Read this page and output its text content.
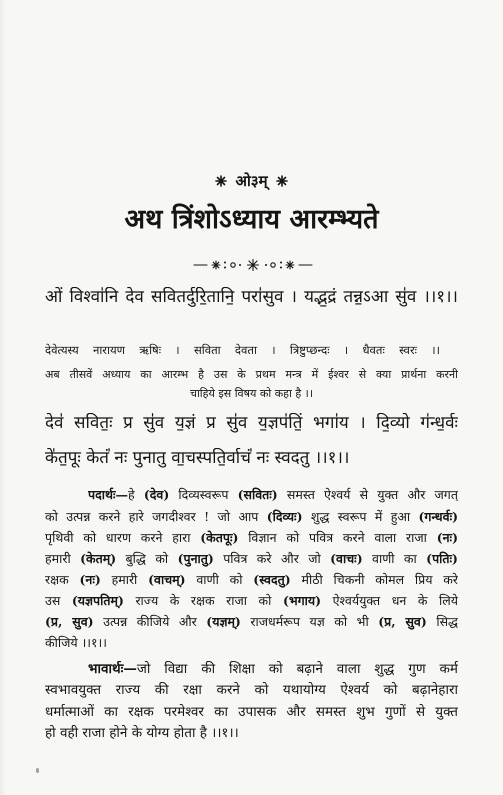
ओ३म्
अथ त्रिंशोऽध्याय आरम्भ्यते
ओं विश्वा॑नि देव सवितर्दुरि॒तानि॒ परा॑सुव । यद्भ॒द्रं तन्न॒ऽआ सु॑व ।।१।।
देवेत्यस्य नारायण ऋषिः । सविता देवता । त्रिष्टुप्छन्दः । धैवतः स्वरः ।।
अब तीसवें अध्याय का आरम्भ है उस के प्रथम मन्त्र में ईश्वर से क्या प्रार्थना करनी
चाहिये इस विषय को कहा है ।।
देव॑ सवितः॒ प्र सु॑व य॒ज्ञं प्र सु॑व य॒ज्ञप॑तिं॒ भगा॑य । दि॒व्यो ग॑न्ध॒र्वः
के॑त॒पूः केतं॑ नः पुनातु वा॒चस्पति॒र्वाचं॑ नः स्वदतु ।।१।।
पदार्थः—हे (देव) दिव्यस्वरूप (सवितः) समस्त ऐश्वर्य से युक्त और जगत्
को उत्पन्न करने हारे जगदीश्वर ! जो आप (दिव्यः) शुद्ध स्वरूप में हुआ (गन्धर्वः)
पृथिवी को धारण करने हारा (केतपूः) विज्ञान को पवित्र करने वाला राजा (नः)
हमारी (केतम्) बुद्धि को (पुनातु) पवित्र करे और जो (वाचः) वाणी का (पतिः)
रक्षक (नः) हमारी (वाचम्) वाणी को (स्वदतु) मीठी चिकनी कोमल प्रिय करे
उस (यज्ञपतिम्) राज्य के रक्षक राजा को (भगाय) ऐश्वर्ययुक्त धन के लिये
(प्र, सुव) उत्पन्न कीजिये और (यज्ञम्) राजधर्मरूप यज्ञ को भी (प्र, सुव) सिद्ध
कीजिये ।।१।।
भावार्थः—जो विद्या की शिक्षा को बढ़ाने वाला शुद्ध गुण कर्म
स्वभावयुक्त राज्य की रक्षा करने को यथायोग्य ऐश्वर्य को बढ़ानेहारा
धर्मात्माओं का रक्षक परमेश्वर का उपासक और समस्त शुभ गुणों से युक्त
हो वही राजा होने के योग्य होता है ।।१।।
